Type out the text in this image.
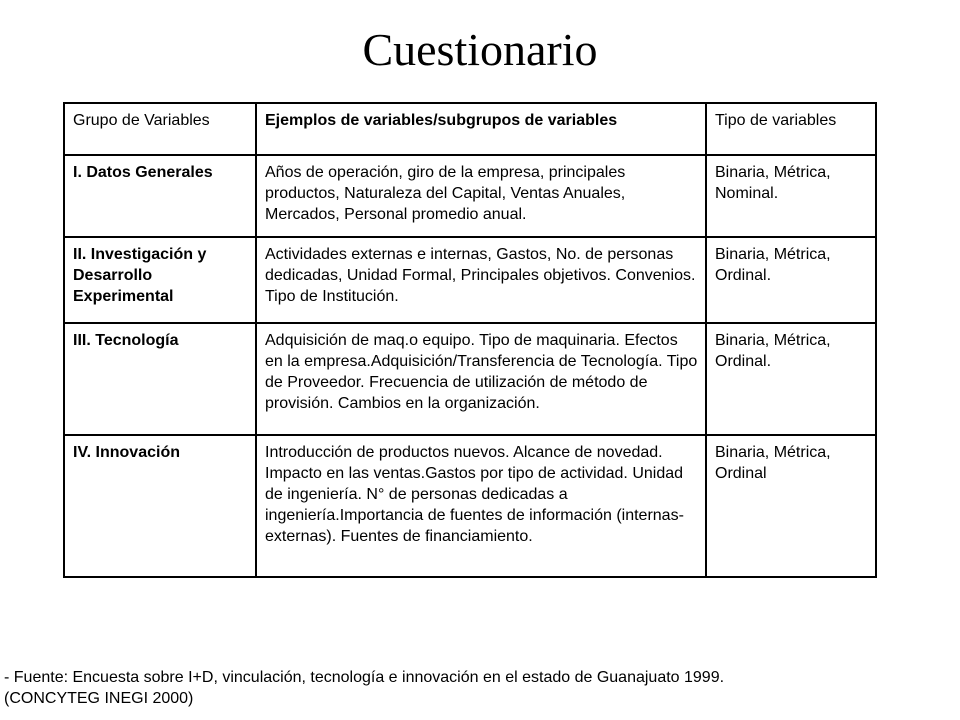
Cuestionario
Grupo de Variables	Ejemplos de variables/subgrupos de variables	Tipo de variables
I. Datos Generales	Años de operación, giro de la empresa, principales productos, Naturaleza del Capital, Ventas Anuales, Mercados, Personal promedio anual.	Binaria, Métrica, Nominal.
II. Investigación y Desarrollo Experimental	Actividades externas e internas, Gastos, No. de personas dedicadas, Unidad Formal, Principales objetivos. Convenios. Tipo de Institución.	Binaria, Métrica, Ordinal.
III. Tecnología	Adquisición de maq.o equipo. Tipo de maquinaria. Efectos en la empresa.Adquisición/Transferencia de Tecnología. Tipo de Proveedor. Frecuencia de utilización de método de provisión. Cambios en la organización.	Binaria, Métrica, Ordinal.
IV. Innovación	Introducción de productos nuevos. Alcance de novedad. Impacto en las ventas.Gastos por tipo de actividad. Unidad de ingeniería. N° de personas dedicadas a ingeniería.Importancia de fuentes de información (internas-externas). Fuentes de financiamiento.	Binaria, Métrica, Ordinal
- Fuente: Encuesta sobre I+D, vinculación, tecnología e innovación en el estado de Guanajuato 1999.
(CONCYTEG INEGI 2000)
